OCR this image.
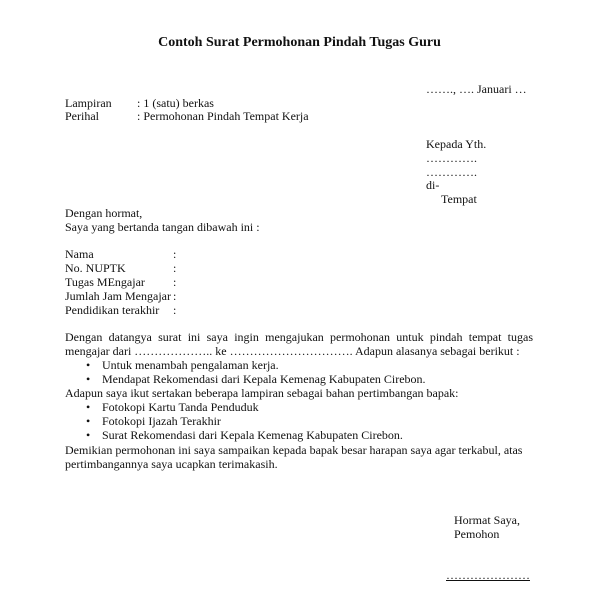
Contoh Surat Permohonan Pindah Tugas Guru
……., …. Januari …
Lampiran : 1 (satu) berkas
Perihal	: Permohonan Pindah Tempat Kerja
Kepada Yth.
………….
………….
di-
Tempat
Dengan hormat,
Saya yang bertanda tangan dibawah ini :
Nama	:
No. NUPTK	:
Tugas MEngajar :
Jumlah Jam Mengajar :
Pendidikan terakhir :
Dengan datangya surat ini saya ingin mengajukan permohonan untuk pindah tempat tugas
mengajar dari ……………….. ke …………………………. Adapun alasanya sebagai berikut :
• Untuk menambah pengalaman kerja.
• Mendapat Rekomendasi dari Kepala Kemenag Kabupaten Cirebon.
Adapun saya ikut sertakan beberapa lampiran sebagai bahan pertimbangan bapak:
• Fotokopi Kartu Tanda Penduduk
• Fotokopi Ijazah Terakhir
• Surat Rekomendasi dari Kepala Kemenag Kabupaten Cirebon.
Demikian permohonan ini saya sampaikan kepada bapak besar harapan saya agar terkabul, atas
pertimbangannya saya ucapkan terimakasih.
Hormat Saya,
Pemohon
…………………
